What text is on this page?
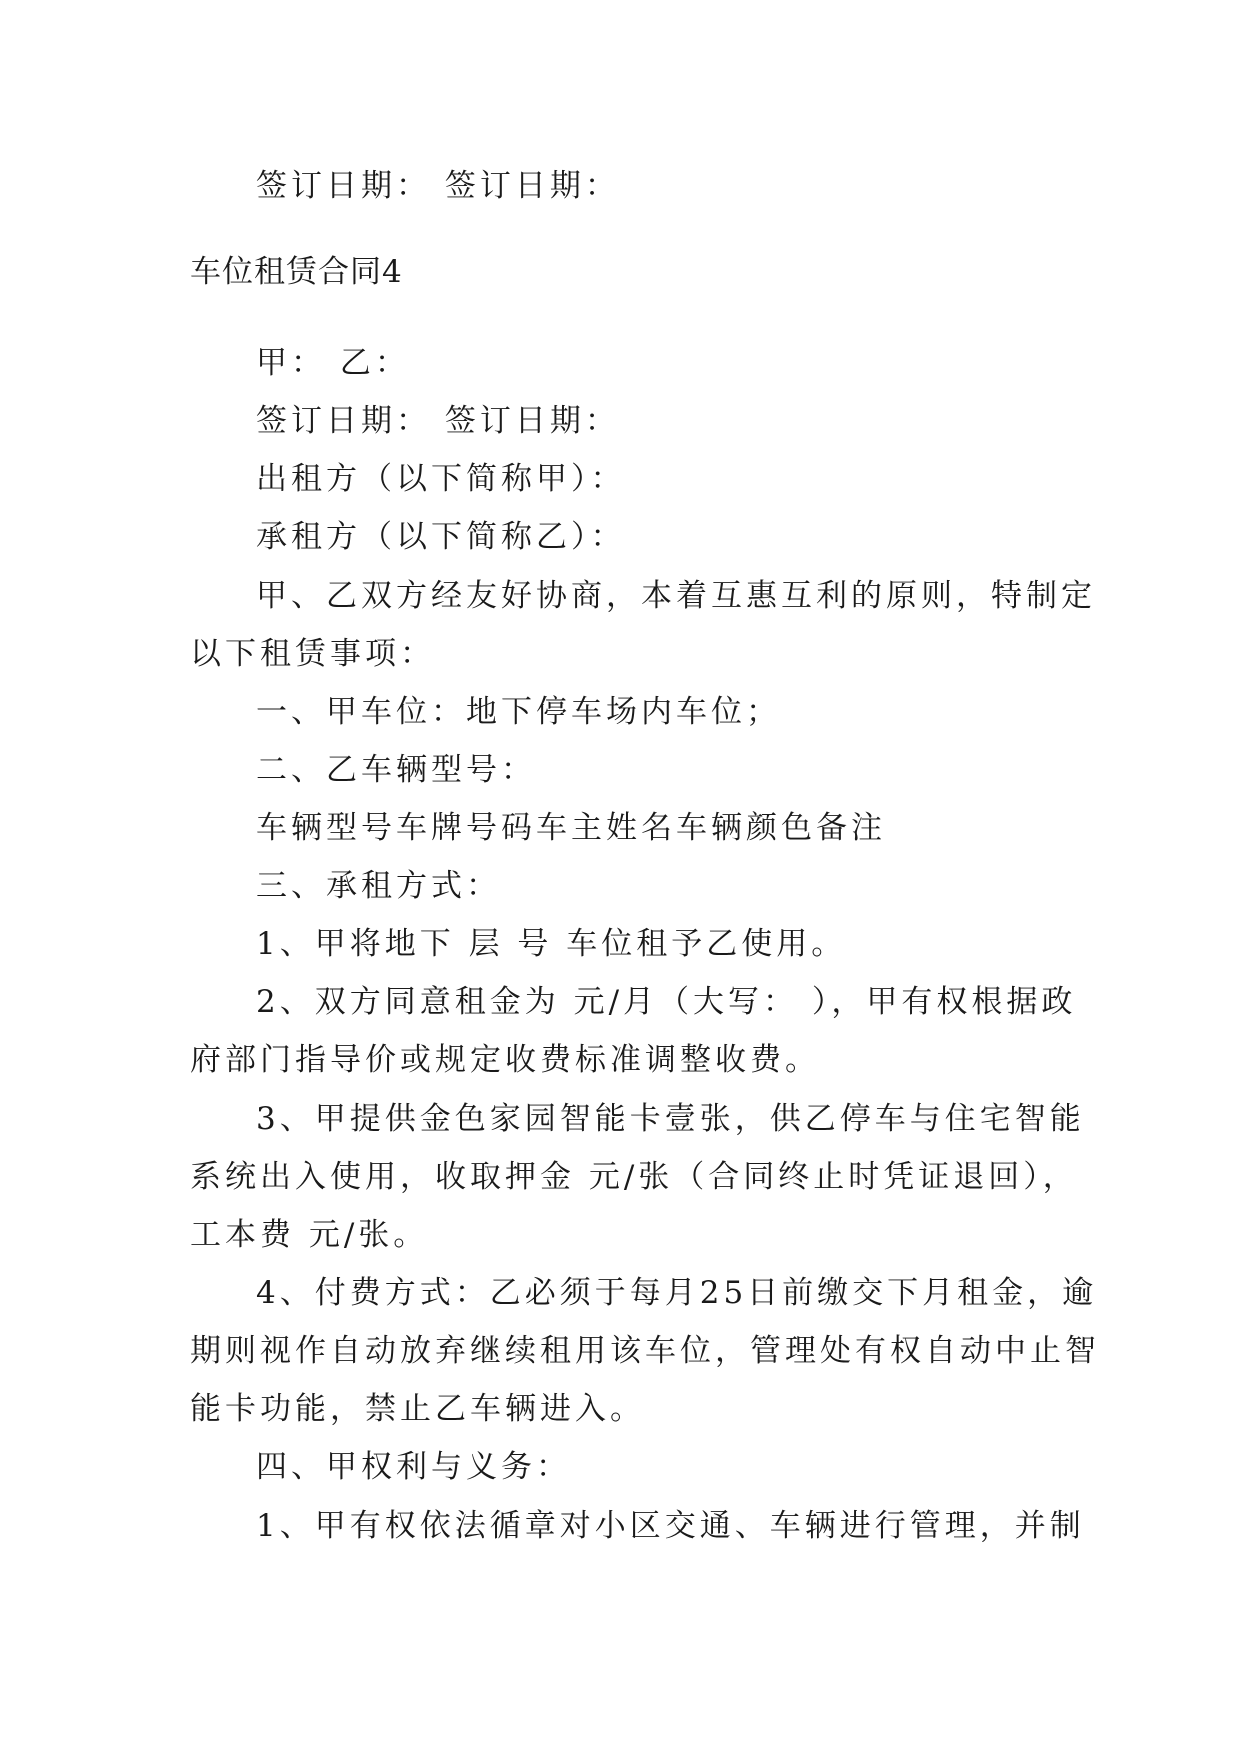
签订日期： 签订日期：
车位租赁合同4
甲： 乙：
签订日期： 签订日期：
出租方（以下简称甲）：
承租方（以下简称乙）：
甲、乙双方经友好协商，本着互惠互利的原则，特制定
以下租赁事项：
一、甲车位：地下停车场内车位；
二、乙车辆型号：
车辆型号车牌号码车主姓名车辆颜色备注
三、承租方式：
1、甲将地下 层 号 车位租予乙使用。
2、双方同意租金为 元/月（大写： ），甲有权根据政
府部门指导价或规定收费标准调整收费。
3、甲提供金色家园智能卡壹张，供乙停车与住宅智能
系统出入使用，收取押金 元/张（合同终止时凭证退回），
工本费 元/张。
4、付费方式：乙必须于每月25日前缴交下月租金，逾
期则视作自动放弃继续租用该车位，管理处有权自动中止智
能卡功能，禁止乙车辆进入。
四、甲权利与义务：
1、甲有权依法循章对小区交通、车辆进行管理，并制
